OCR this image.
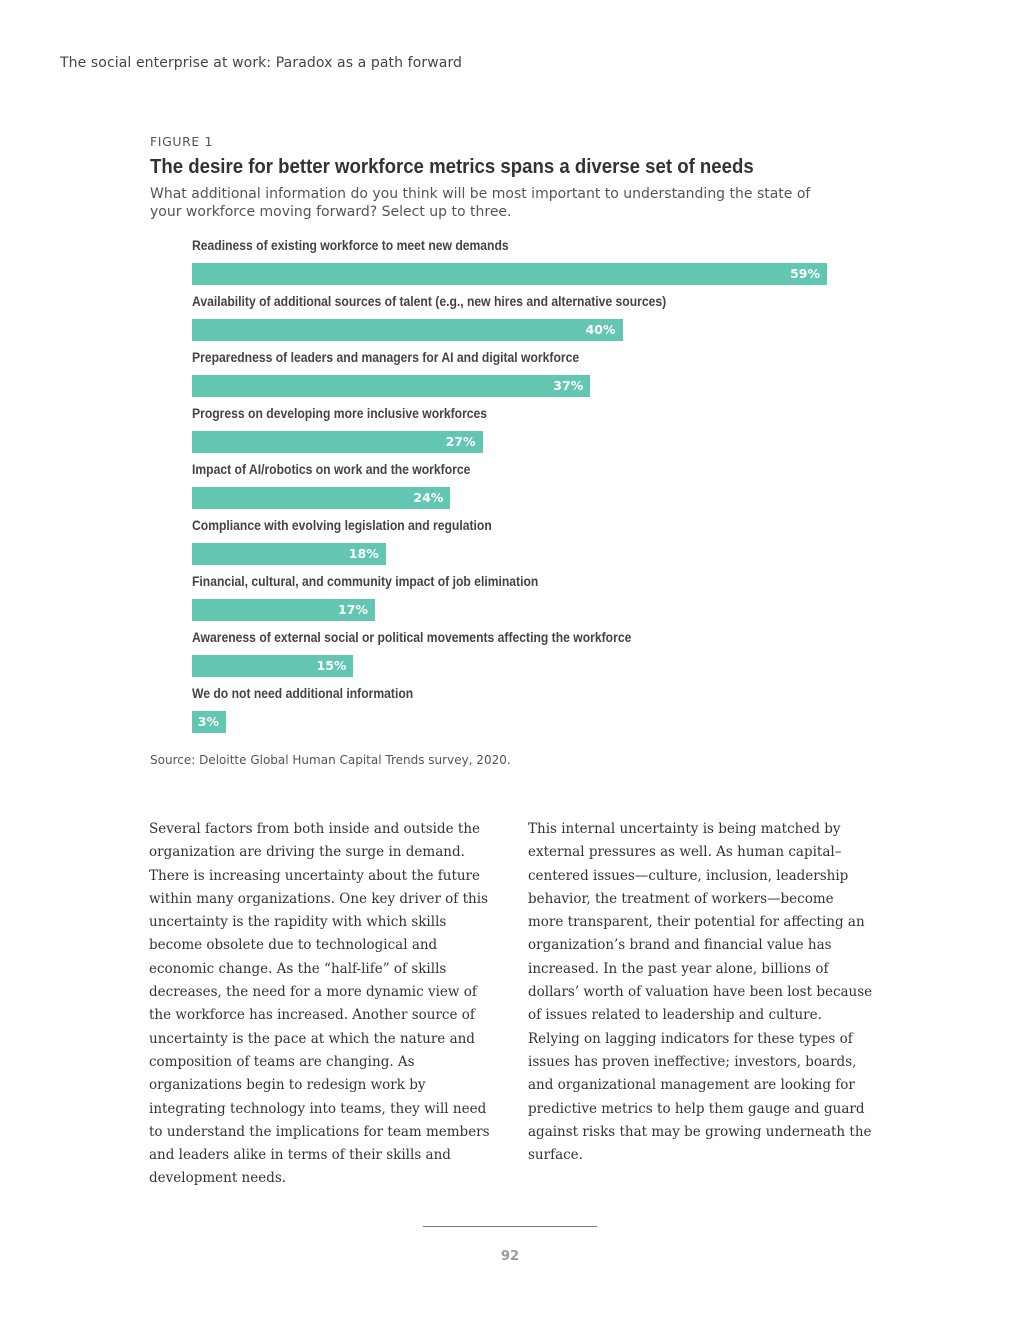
The social enterprise at work: Paradox as a path forward
FIGURE 1
The desire for better workforce metrics spans a diverse set of needs
What additional information do you think will be most important to understanding the state of your workforce moving forward? Select up to three.
Readiness of existing workforce to meet new demands
59%
Availability of additional sources of talent (e.g., new hires and alternative sources)
40%
Preparedness of leaders and managers for AI and digital workforce
37%
Progress on developing more inclusive workforces
27%
Impact of AI/robotics on work and the workforce
24%
Compliance with evolving legislation and regulation
18%
Financial, cultural, and community impact of job elimination
17%
Awareness of external social or political movements affecting the workforce
15%
We do not need additional information
3%
Source: Deloitte Global Human Capital Trends survey, 2020.
Several factors from both inside and outside the organization are driving the surge in demand. There is increasing uncertainty about the future within many organizations. One key driver of this uncertainty is the rapidity with which skills become obsolete due to technological and economic change. As the “half-life” of skills decreases, the need for a more dynamic view of the workforce has increased. Another source of uncertainty is the pace at which the nature and composition of teams are changing. As organizations begin to redesign work by integrating technology into teams, they will need to understand the implications for team members and leaders alike in terms of their skills and development needs.
This internal uncertainty is being matched by external pressures as well. As human capital–centered issues—culture, inclusion, leadership behavior, the treatment of workers—become more transparent, their potential for affecting an organization’s brand and financial value has increased. In the past year alone, billions of dollars’ worth of valuation have been lost because of issues related to leadership and culture. Relying on lagging indicators for these types of issues has proven ineffective; investors, boards, and organizational management are looking for predictive metrics to help them gauge and guard against risks that may be growing underneath the surface.
92
